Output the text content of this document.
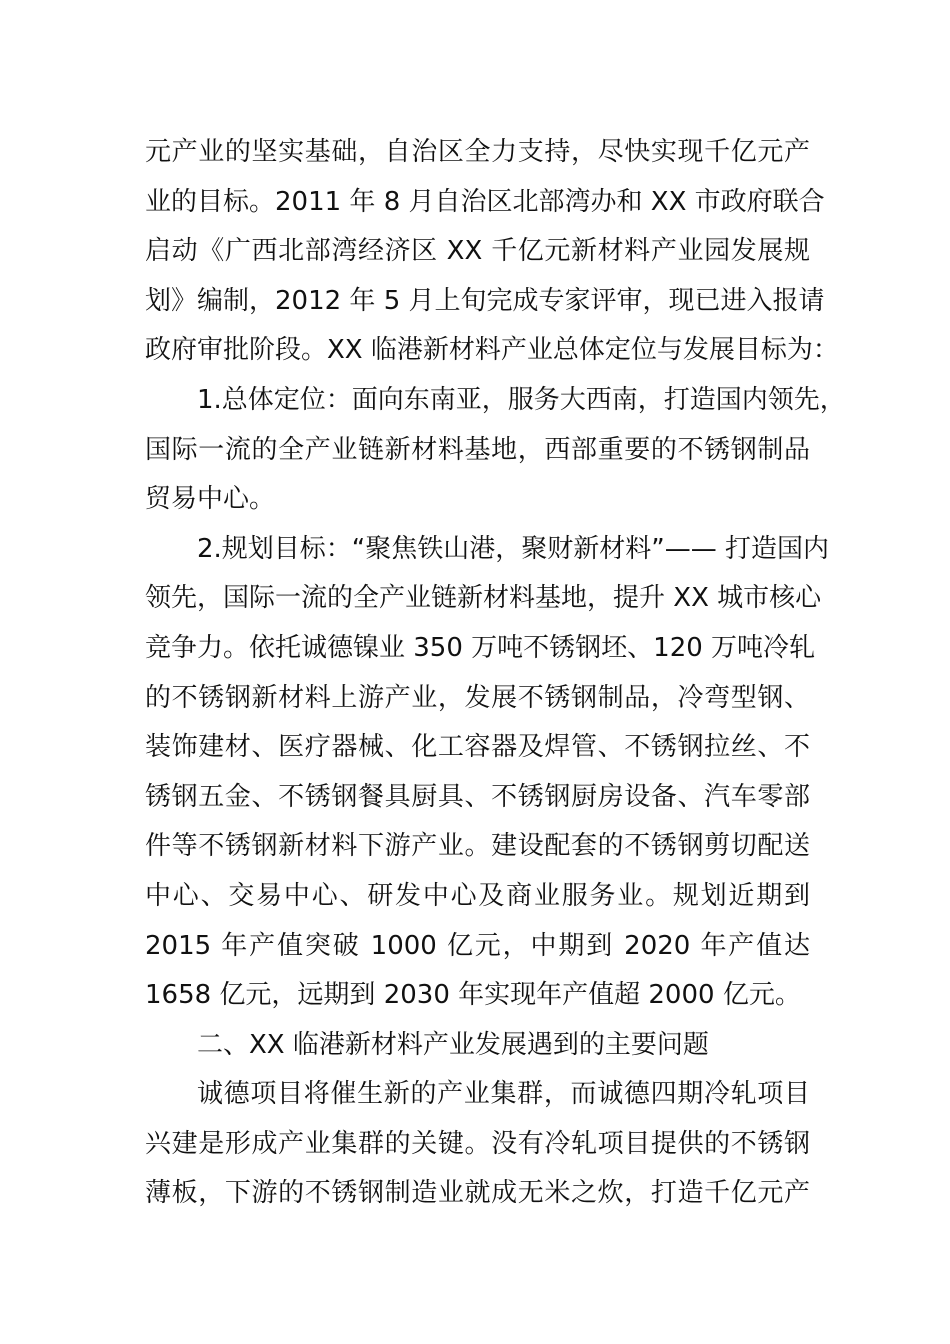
元产业的坚实基础，自治区全力支持，尽快实现千亿元产
业的目标。2011 年 8 月自治区北部湾办和 XX 市政府联合
启动《广西北部湾经济区 XX 千亿元新材料产业园发展规
划》编制，2012 年 5 月上旬完成专家评审，现已进入报请
政府审批阶段。XX 临港新材料产业总体定位与发展目标为：
1.总体定位：面向东南亚，服务大西南，打造国内领先，
国际一流的全产业链新材料基地，西部重要的不锈钢制品
贸易中心。
2.规划目标：“聚焦铁山港，聚财新材料”—— 打造国内
领先，国际一流的全产业链新材料基地，提升 XX 城市核心
竞争力。依托诚德镍业 350 万吨不锈钢坯、120 万吨冷轧
的不锈钢新材料上游产业，发展不锈钢制品，冷弯型钢、
装饰建材、医疗器械、化工容器及焊管、不锈钢拉丝、不
锈钢五金、不锈钢餐具厨具、不锈钢厨房设备、汽车零部
件等不锈钢新材料下游产业。建设配套的不锈钢剪切配送
中心、交易中心、研发中心及商业服务业。规划近期到
2015 年产值突破 1000 亿元，中期到 2020 年产值达
1658 亿元，远期到 2030 年实现年产值超 2000 亿元。
二、XX 临港新材料产业发展遇到的主要问题
诚德项目将催生新的产业集群，而诚德四期冷轧项目
兴建是形成产业集群的关键。没有冷轧项目提供的不锈钢
薄板，下游的不锈钢制造业就成无米之炊，打造千亿元产
